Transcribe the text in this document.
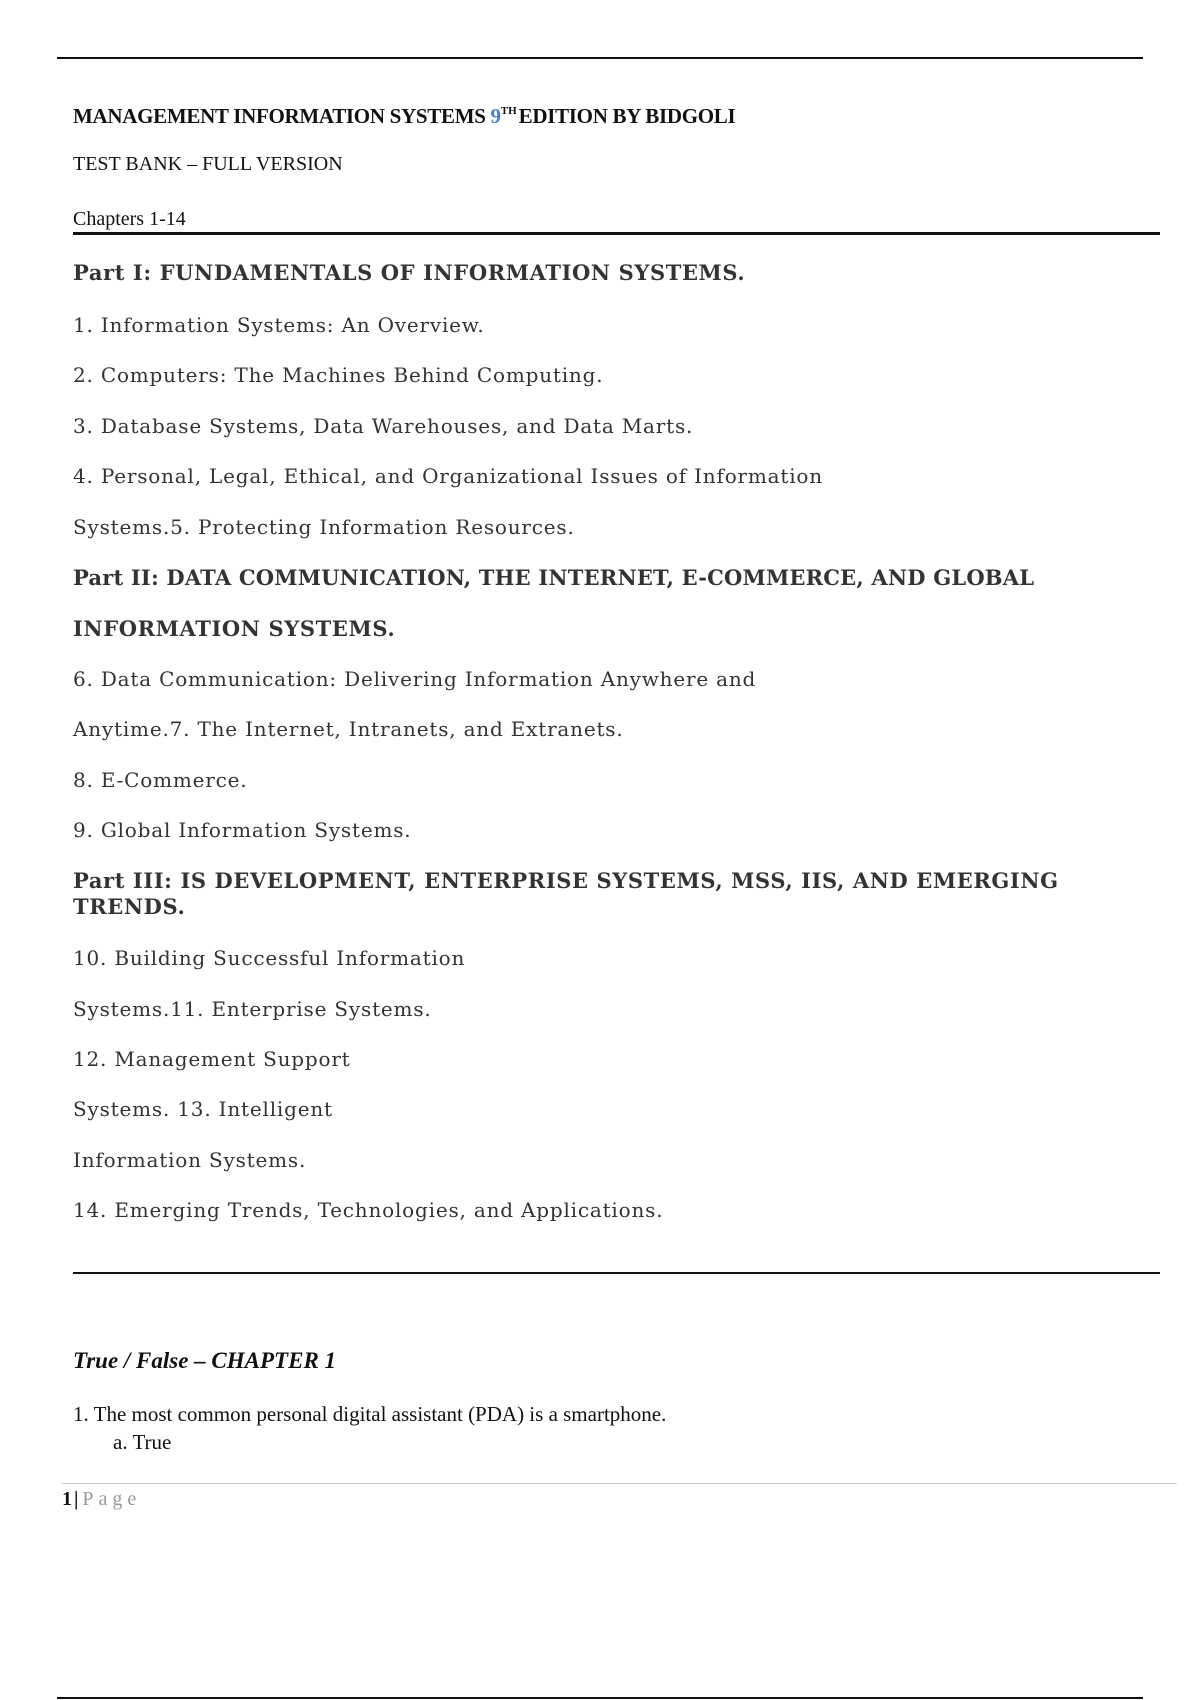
MANAGEMENT INFORMATION SYSTEMS 9THEDITION BY BIDGOLI
TEST BANK – FULL VERSION
Chapters 1-14
Part I: FUNDAMENTALS OF INFORMATION SYSTEMS.
1. Information Systems: An Overview.
2. Computers: The Machines Behind Computing.
3. Database Systems, Data Warehouses, and Data Marts.
4. Personal, Legal, Ethical, and Organizational Issues of Information
Systems.5. Protecting Information Resources.
Part II: DATA COMMUNICATION, THE INTERNET, E-COMMERCE, AND GLOBAL
INFORMATION SYSTEMS.
6. Data Communication: Delivering Information Anywhere and
Anytime.7. The Internet, Intranets, and Extranets.
8. E-Commerce.
9. Global Information Systems.
Part III: IS DEVELOPMENT, ENTERPRISE SYSTEMS, MSS, IIS, AND EMERGING TRENDS.
10. Building Successful Information
Systems.11. Enterprise Systems.
12. Management Support
Systems. 13. Intelligent
Information Systems.
14. Emerging Trends, Technologies, and Applications.
True / False – CHAPTER 1
1. The most common personal digital assistant (PDA) is a smartphone.
a. True
1 | Page
